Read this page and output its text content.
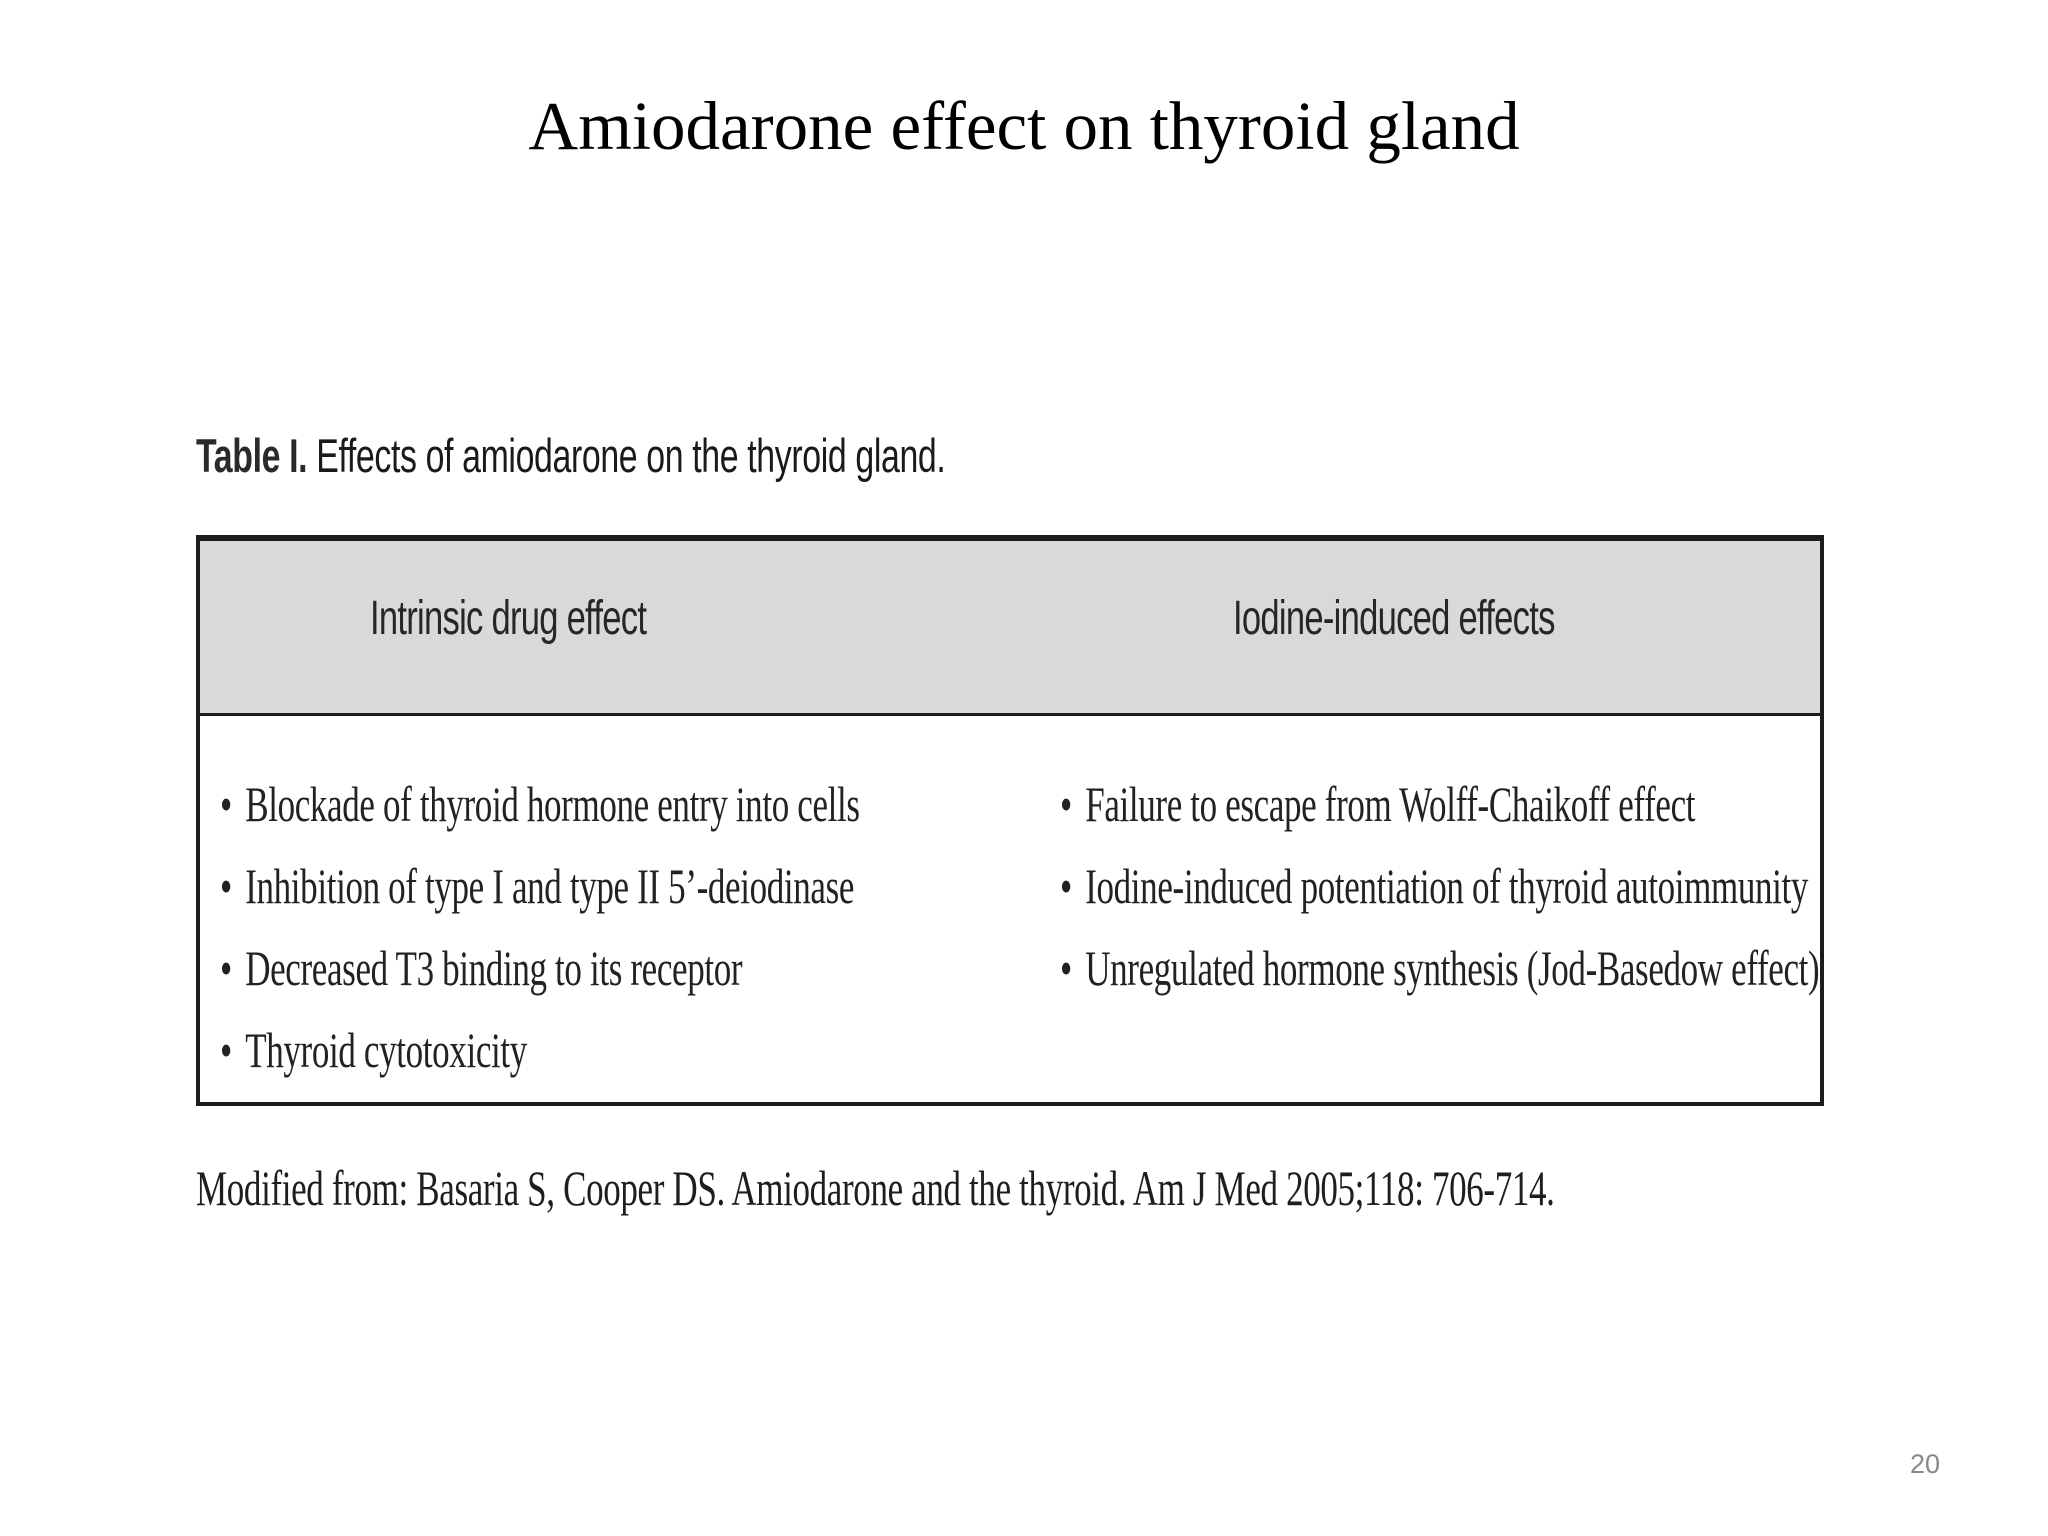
Amiodarone effect on thyroid gland
Table I. Effects of amiodarone on the thyroid gland.
Intrinsic drug effect	Iodine-induced effects
• Blockade of thyroid hormone entry into cells
• Inhibition of type I and type II 5’-deiodinase
• Decreased T3 binding to its receptor
• Thyroid cytotoxicity
• Failure to escape from Wolff-Chaikoff effect
• Iodine-induced potentiation of thyroid autoimmunity
• Unregulated hormone synthesis (Jod-Basedow effect)
Modified from: Basaria S, Cooper DS. Amiodarone and the thyroid. Am J Med 2005;118: 706-714.
20
